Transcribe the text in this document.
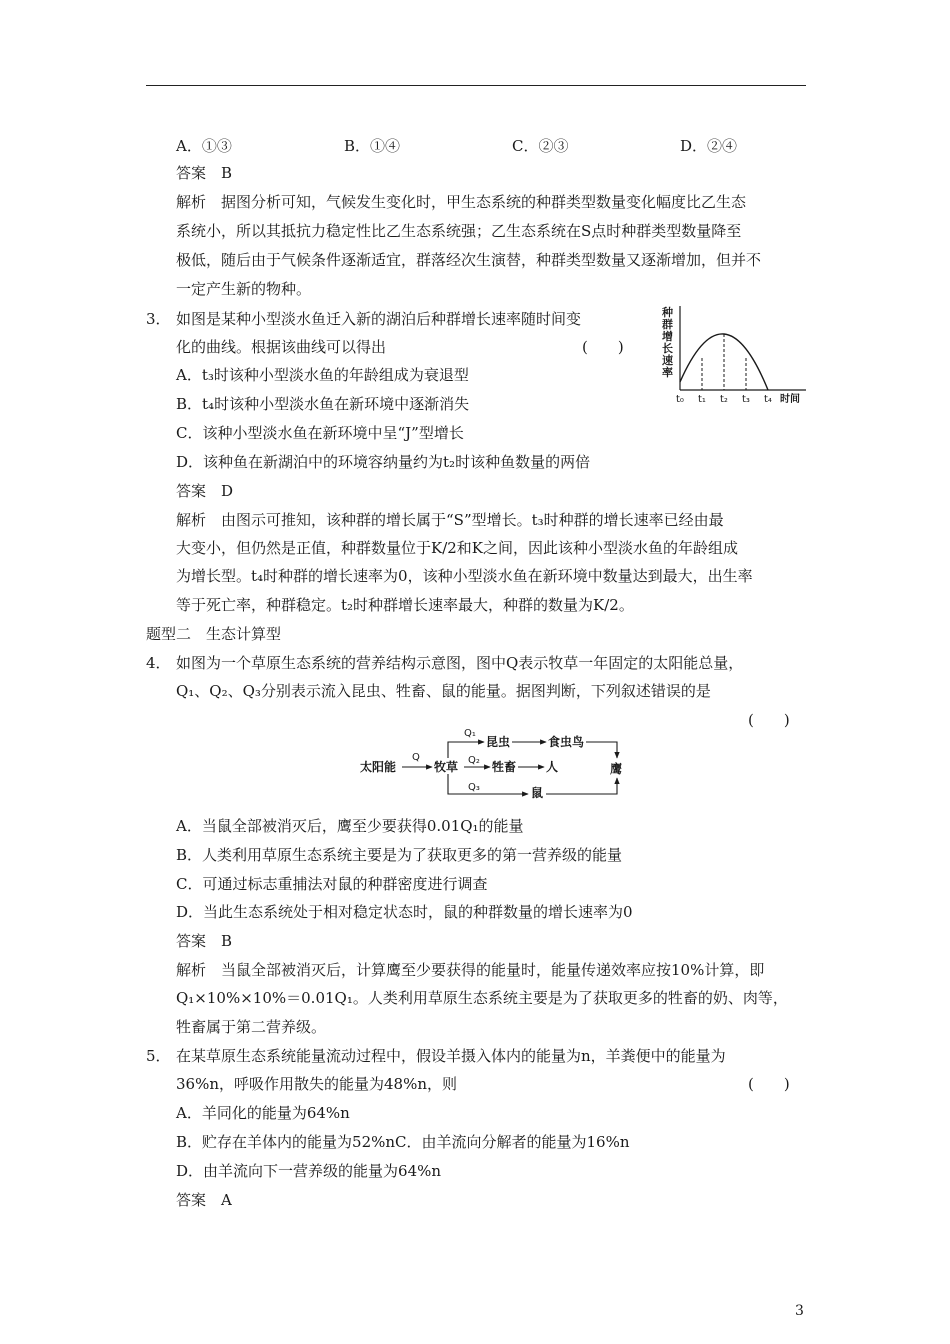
A．①③	B．①④	C．②③	D．②④
答案　B
解析　据图分析可知，气候发生变化时，甲生态系统的种群类型数量变化幅度比乙生态
系统小，所以其抵抗力稳定性比乙生态系统强；乙生态系统在S点时种群类型数量降至
极低，随后由于气候条件逐渐适宜，群落经次生演替，种群类型数量又逐渐增加，但并不
一定产生新的物种。
3． 如图是某种小型淡水鱼迁入新的湖泊后种群增长速率随时间变
化的曲线。根据该曲线可以得出	(　　)
A．t₃时该种小型淡水鱼的年龄组成为衰退型
B．t₄时该种小型淡水鱼在新环境中逐渐消失
C．该种小型淡水鱼在新环境中呈“J”型增长
D．该种鱼在新湖泊中的环境容纳量约为t₂时该种鱼数量的两倍
答案　D
解析　由图示可推知，该种群的增长属于“S”型增长。t₃时种群的增长速率已经由最
大变小，但仍然是正值，种群数量位于K/2和K之间，因此该种小型淡水鱼的年龄组成
为增长型。t₄时种群的增长速率为0，该种小型淡水鱼在新环境中数量达到最大，出生率
等于死亡率，种群稳定。t₂时种群增长速率最大，种群的数量为K/2。
种
群
增
长
速
率
t₀ t₁ t₂ t₃ t₄ 时间
题型二　生态计算型
4． 如图为一个草原生态系统的营养结构示意图，图中Q表示牧草一年固定的太阳能总量，
Q₁、Q₂、Q₃分别表示流入昆虫、牲畜、鼠的能量。据图判断，下列叙述错误的是
(　　)
太阳能	牧草
昆虫	食虫鸟
牲畜 人
鼠
鹰
Q
Q₁
Q₂
Q₃
A．当鼠全部被消灭后，鹰至少要获得0.01Q₁的能量
B．人类利用草原生态系统主要是为了获取更多的第一营养级的能量
C．可通过标志重捕法对鼠的种群密度进行调查
D．当此生态系统处于相对稳定状态时，鼠的种群数量的增长速率为0
答案　B
解析　当鼠全部被消灭后，计算鹰至少要获得的能量时，能量传递效率应按10%计算，即
Q₁×10%×10%＝0.01Q₁。人类利用草原生态系统主要是为了获取更多的牲畜的奶、肉等，
牲畜属于第二营养级。
5． 在某草原生态系统能量流动过程中，假设羊摄入体内的能量为n，羊粪便中的能量为
36%n，呼吸作用散失的能量为48%n，则	(　　)
A．羊同化的能量为64%n
B．贮存在羊体内的能量为52%nC．由羊流向分解者的能量为16%n
D．由羊流向下一营养级的能量为64%n
答案　A
3
